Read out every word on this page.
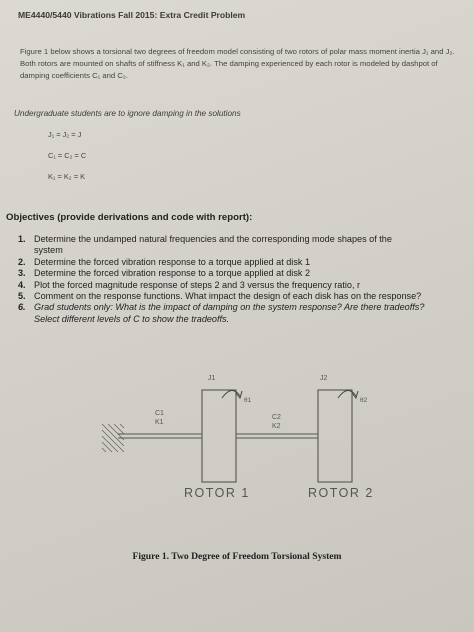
ME4440/5440 Vibrations Fall 2015: Extra Credit Problem
Figure 1 below shows a torsional two degrees of freedom model consisting of two rotors of polar mass moment inertia J₁ and J₂. Both rotors are mounted on shafts of stiffness K₁ and K₂. The damping experienced by each rotor is modeled by dashpot of damping coefficients C₁ and C₂.
Undergraduate students are to ignore damping in the solutions
J₁ = J₂ = J
C₁ = C₂ = C
K₁ = K₂ = K
Objectives (provide derivations and code with report):
1. Determine the undamped natural frequencies and the corresponding mode shapes of the
system
2. Determine the forced vibration response to a torque applied at disk 1
3. Determine the forced vibration response to a torque applied at disk 2
4. Plot the forced magnitude response of steps 2 and 3 versus the frequency ratio, r
5. Comment on the response functions. What impact the design of each disk has on the response?
6. Grad students only: What is the impact of damping on the system response? Are there tradeoffs?
Select different levels of C to show the tradeoffs.
J1	J2
θ1	θ2
C1
K1
C2
K2
ROTOR 1	ROTOR 2
Figure 1. Two Degree of Freedom Torsional System
